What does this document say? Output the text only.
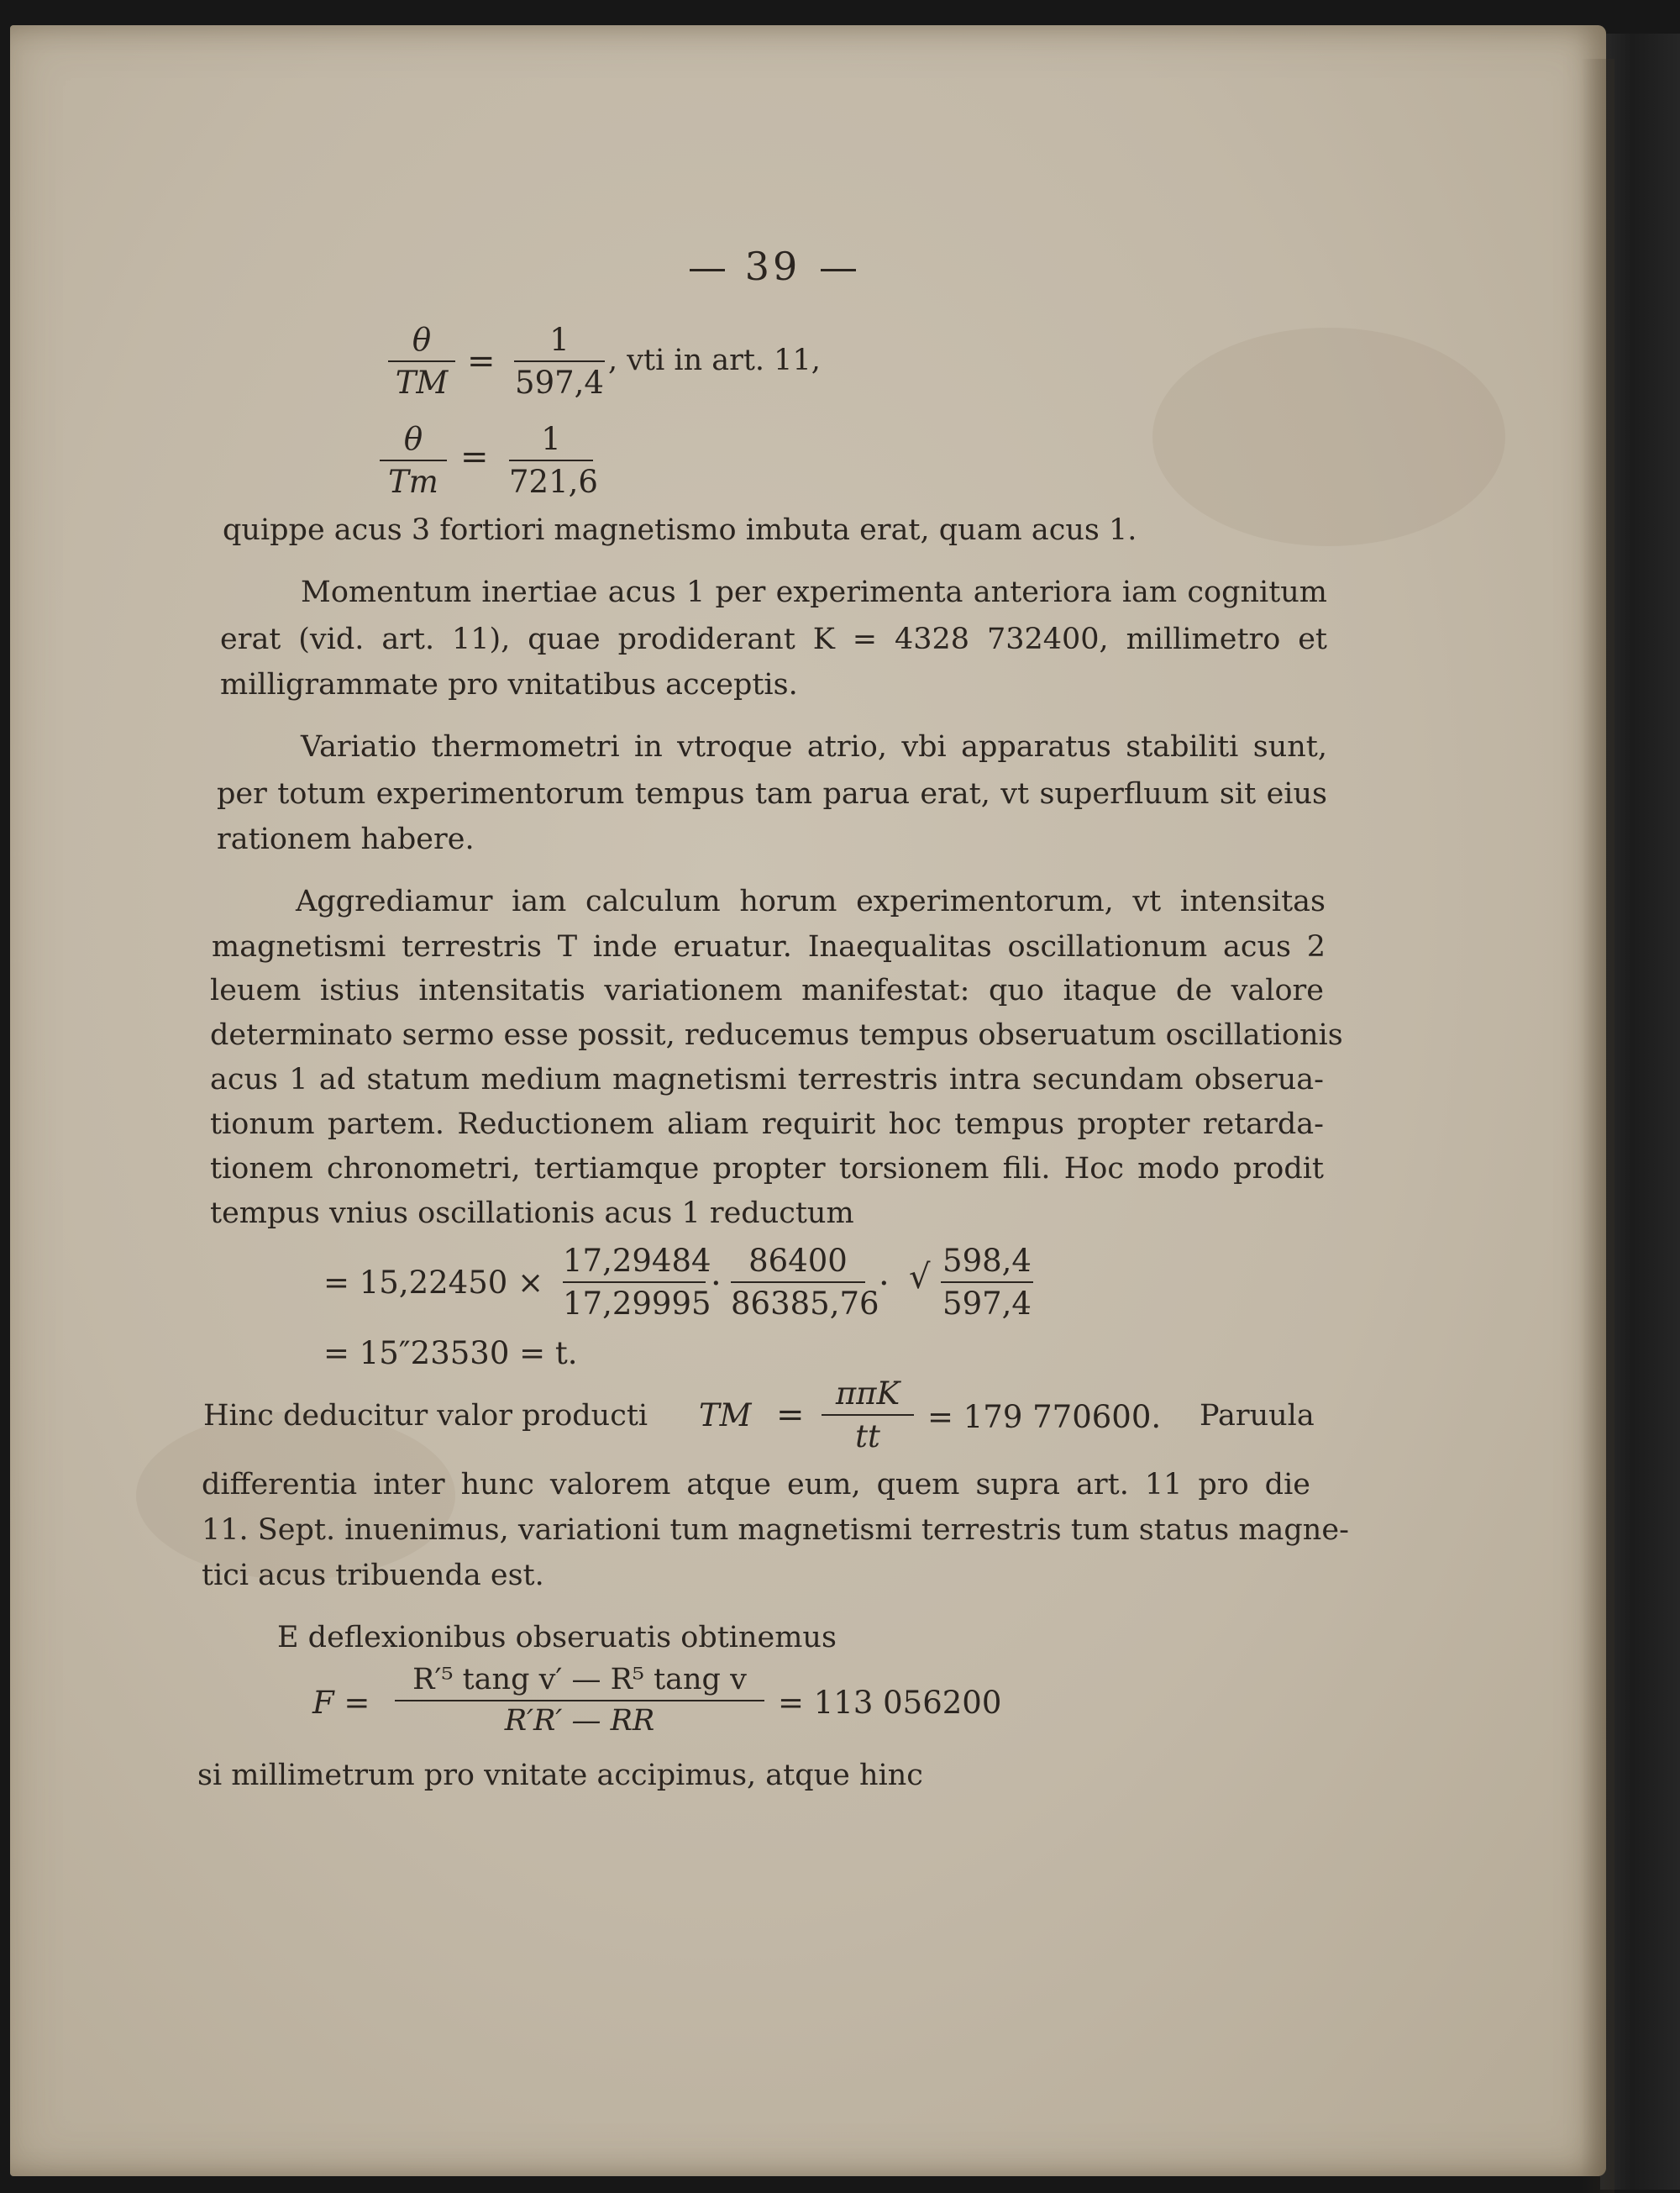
39
θ
TM
=
1
597,4
, vti in art. 11,
θ
Tm
=	1
721,6
quippe acus 3 fortiori magnetismo imbuta erat, quam acus 1.
Momentum inertiae acus 1 per experimenta anteriora iam cognitum
erat (vid. art. 11), quae prodiderant K = 4328 732400, millimetro et
milligrammate pro vnitatibus acceptis.
Variatio thermometri in vtroque atrio, vbi apparatus stabiliti sunt,
per totum experimentorum tempus tam parua erat, vt superfluum sit eius
rationem habere.
Aggrediamur iam calculum horum experimentorum, vt intensitas
magnetismi terrestris T inde eruatur. Inaequalitas oscillationum acus 2
leuem istius intensitatis variationem manifestat: quo itaque de valore
determinato sermo esse possit, reducemus tempus obseruatum oscillationis
acus 1 ad statum medium magnetismi terrestris intra secundam obserua-
tionum partem. Reductionem aliam requirit hoc tempus propter retarda-
tionem chronometri, tertiamque propter torsionem fili. Hoc modo prodit
tempus vnius oscillationis acus 1 reductum
= 15,22450 ×
17,29484
17,29995
·
86400
86385,76
· √ 598,4
597,4
= 15″23530 = t.
Hinc deducitur valor producti TM =
ππK
tt
= 179 770600. Paruula
differentia inter hunc valorem atque eum, quem supra art. 11 pro die
11. Sept. inuenimus, variationi tum magnetismi terrestris tum status magne-
tici acus tribuenda est.
E deflexionibus obseruatis obtinemus
F =
R′⁵ tang v′ — R⁵ tang v
R′R′ — RR	= 113 056200
si millimetrum pro vnitate accipimus, atque hinc
